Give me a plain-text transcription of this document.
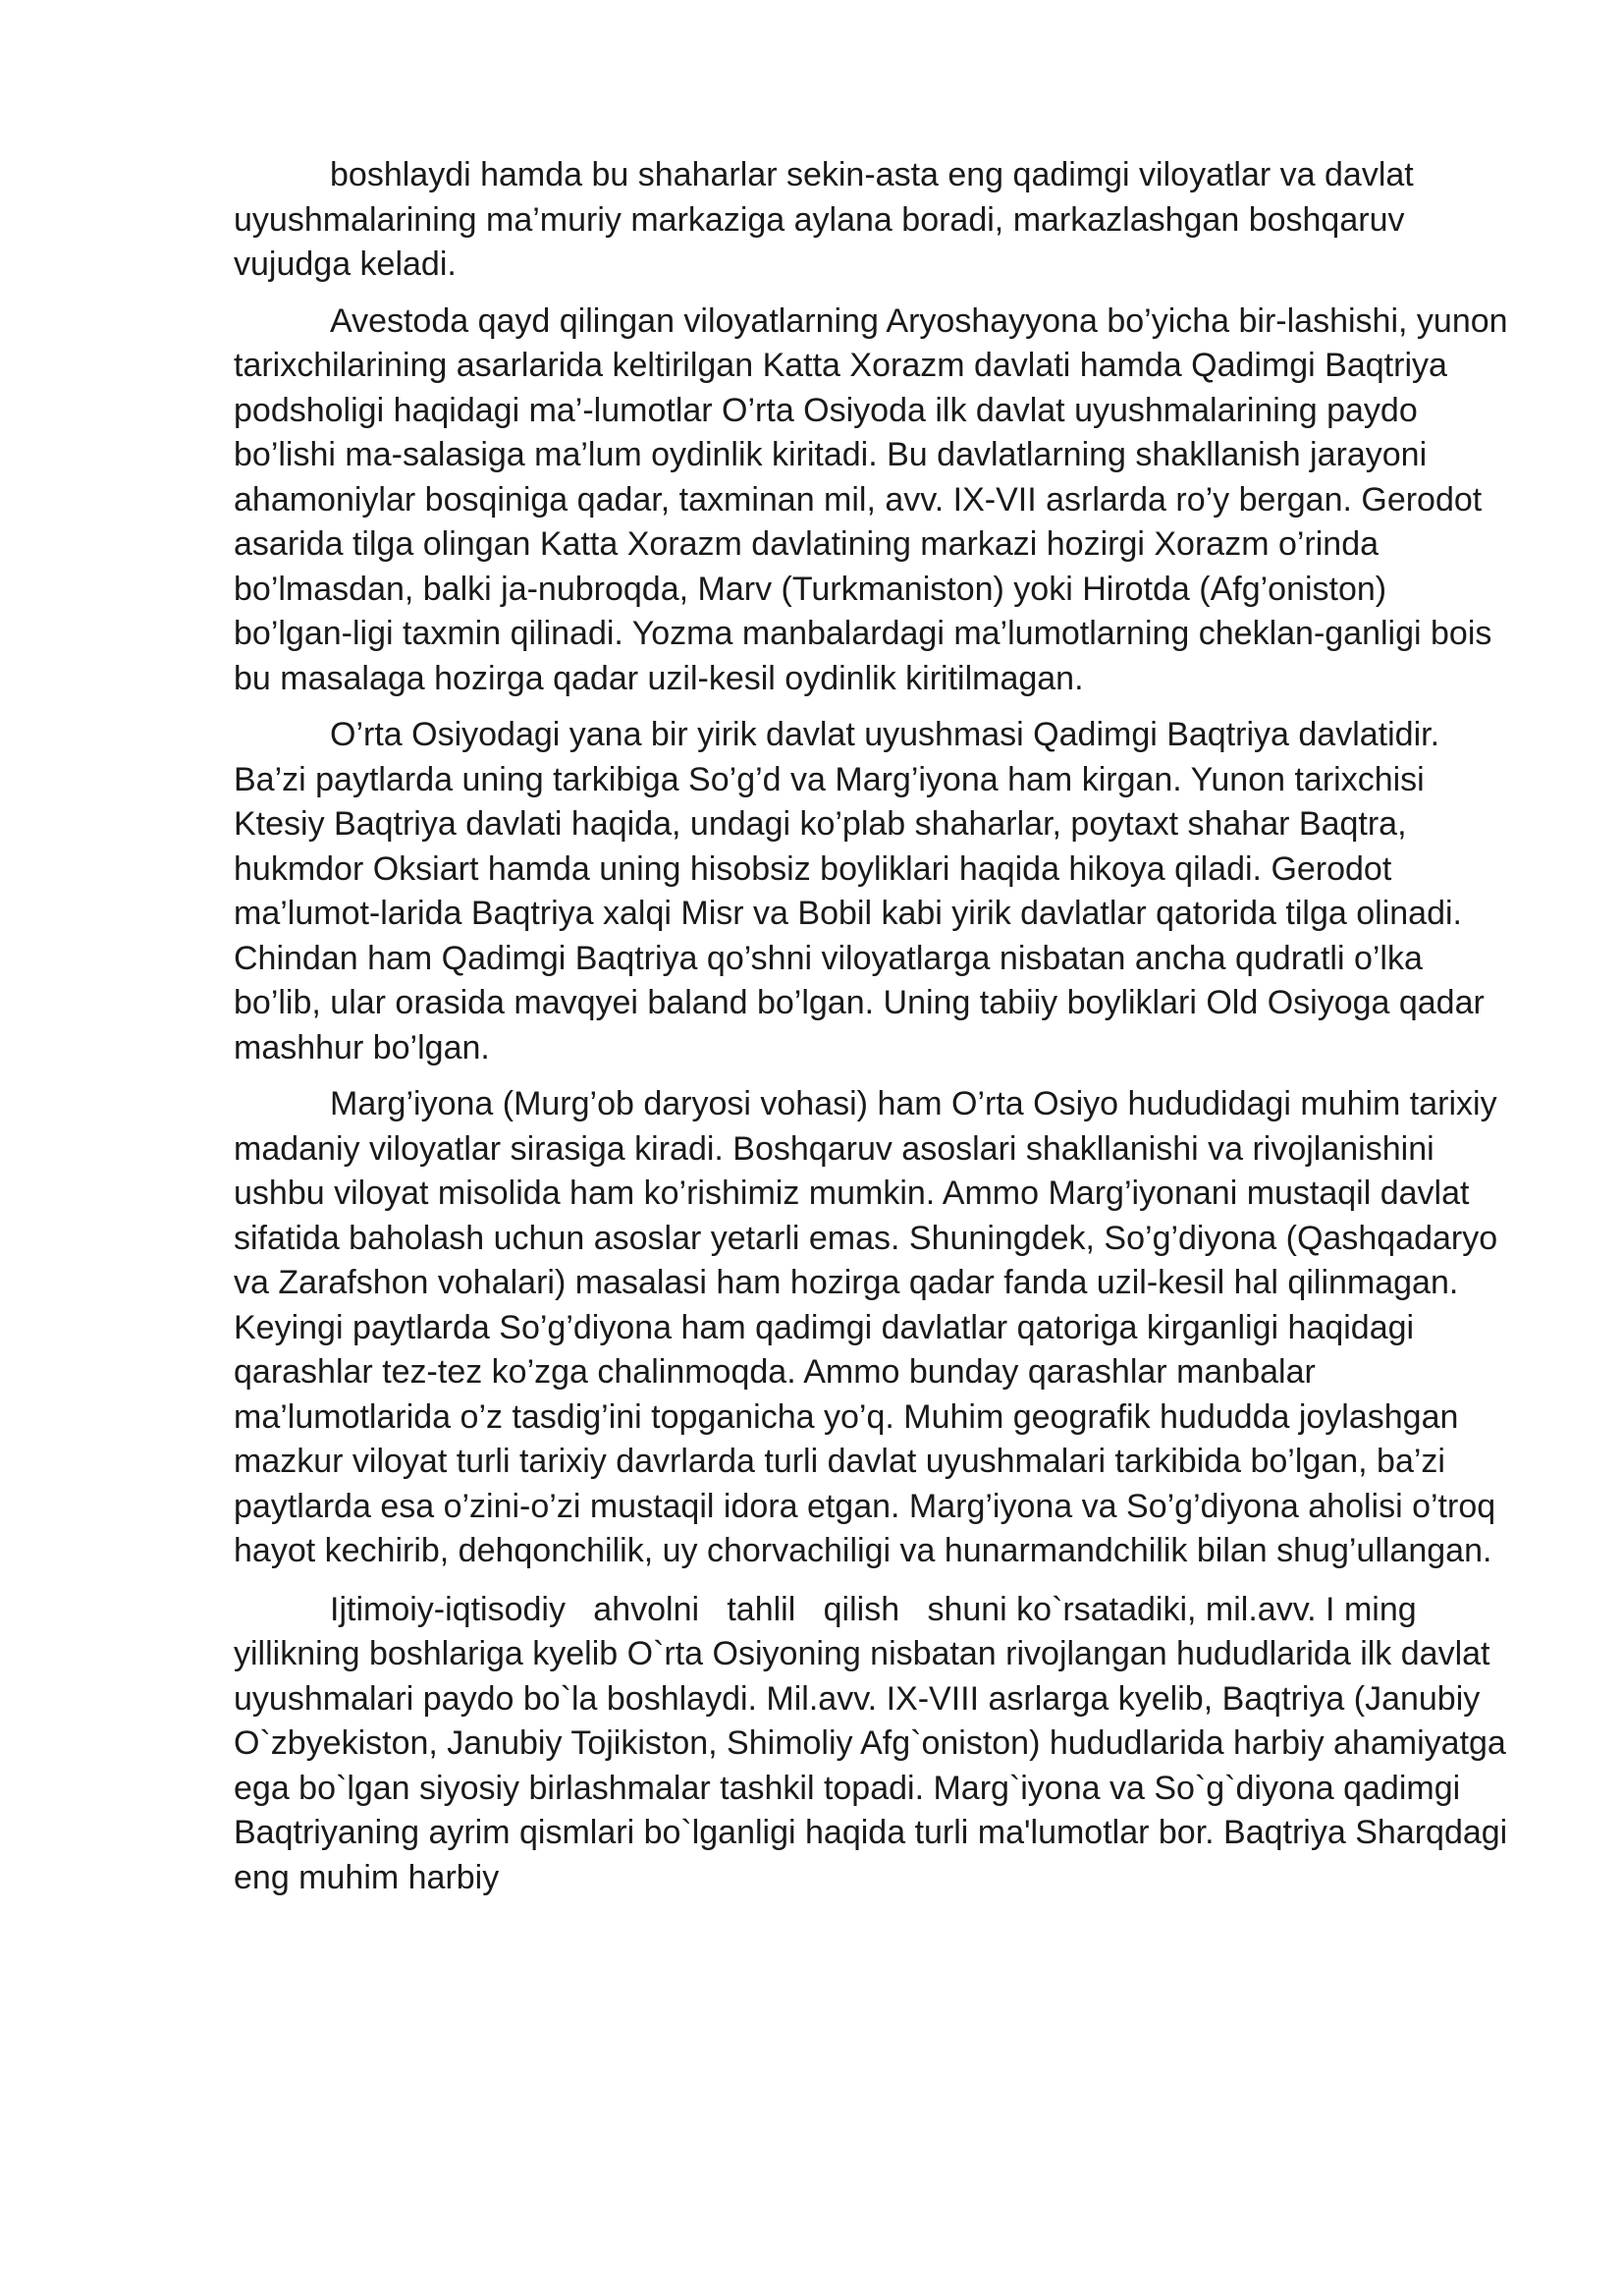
boshlaydi hamda bu shaharlar sekin-asta eng qadimgi viloyatlar va davlat uyushmalarining ma’muriy markaziga aylana boradi, markazlashgan boshqaruv vujudga keladi.

Avestoda qayd qilingan viloyatlarning Aryoshayyona bo’yicha bir-lashishi, yunon tarixchilarining asarlarida keltirilgan Katta Xorazm davlati hamda Qadimgi Baqtriya podsholigi haqidagi ma’-lumotlar O’rta Osiyoda ilk davlat uyushmalarining paydo bo’lishi ma-salasiga ma’lum oydinlik kiritadi. Bu davlatlarning shakllanish jarayoni ahamoniylar bosqiniga qadar, taxminan mil, avv. IX-VII asrlarda ro’y bergan. Gerodot asarida tilga olingan Katta Xorazm davlatining markazi hozirgi Xorazm o’rinda bo’lmasdan, balki ja-nubroqda, Marv (Turkmaniston) yoki Hirotda (Afg’oniston) bo’lgan-ligi taxmin qilinadi. Yozma manbalardagi ma’lumotlarning cheklan-ganligi bois bu masalaga hozirga qadar uzil-kesil oydinlik kiritilmagan.

O’rta Osiyodagi yana bir yirik davlat uyushmasi Qadimgi Baqtriya davlatidir. Ba’zi paytlarda uning tarkibiga So’g’d va Marg’iyona ham kirgan. Yunon tarixchisi Ktesiy Baqtriya davlati haqida, undagi ko’plab shaharlar, poytaxt shahar Baqtra, hukmdor Oksiart hamda uning hisobsiz boyliklari haqida hikoya qiladi. Gerodot ma’lumot-larida Baqtriya xalqi Misr va Bobil kabi yirik davlatlar qatorida tilga olinadi. Chindan ham Qadimgi Baqtriya qo’shni viloyatlarga nisbatan ancha qudratli o’lka bo’lib, ular orasida mavqyei baland bo’lgan. Uning tabiiy boyliklari Old Osiyoga qadar mashhur bo’lgan.

Marg’iyona (Murg’ob daryosi vohasi) ham O’rta Osiyo hududidagi muhim tarixiy madaniy viloyatlar sirasiga kiradi. Boshqaruv asoslari shakllanishi va rivojlanishini ushbu viloyat misolida ham ko’rishimiz mumkin. Ammo Marg’iyonani mustaqil davlat sifatida baholash uchun asoslar yetarli emas. Shuningdek, So’g’diyona (Qashqadaryo va Zarafshon vohalari) masalasi ham hozirga qadar fanda uzil-kesil hal qilinmagan. Keyingi paytlarda So’g’diyona ham qadimgi davlatlar qatoriga kirganligi haqidagi qarashlar tez-tez ko’zga chalinmoqda. Ammo bunday qarashlar manbalar ma’lumotlarida o’z tasdig’ini topganicha yo’q. Muhim geografik hududda joylashgan mazkur viloyat turli tarixiy davrlarda turli davlat uyushmalari tarkibida bo’lgan, ba’zi paytlarda esa o’zini-o’zi mustaqil idora etgan. Marg’iyona va So’g’diyona aholisi o’troq hayot kechirib, dehqonchilik, uy chorvachiligi va hunarmandchilik bilan shug’ullangan.

Ijtimoiy-iqtisodiy   ahvolni   tahlil   qilish   shuni ko`rsatadiki, mil.avv. I ming yillikning boshlariga kyelib O`rta Osiyoning nisbatan rivojlangan hududlarida ilk davlat uyushmalari paydo bo`la boshlaydi. Mil.avv. IX-VIII asrlarga kyelib, Baqtriya (Janubiy O`zbyekiston, Janubiy Tojikiston, Shimoliy Afg`oniston) hududlarida harbiy ahamiyatga ega bo`lgan siyosiy birlashmalar tashkil topadi. Marg`iyona va So`g`diyona qadimgi Baqtriyaning ayrim qismlari bo`lganligi haqida turli ma'lumotlar bor. Baqtriya Sharqdagi eng muhim harbiy
